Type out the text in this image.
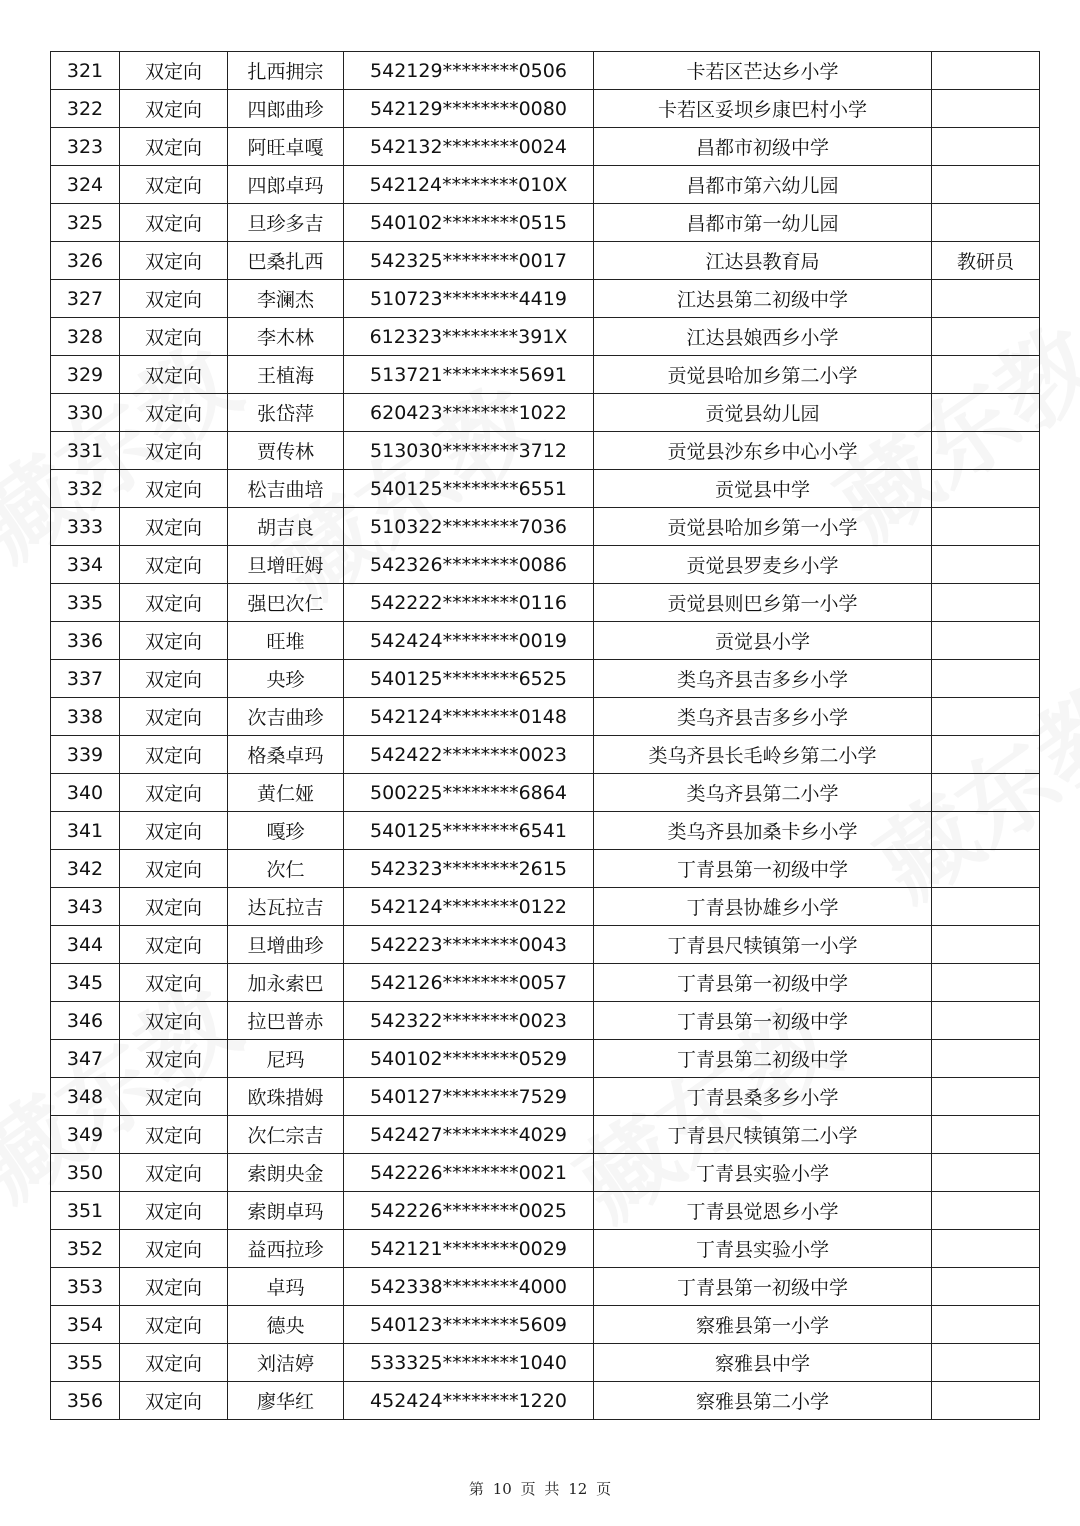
321	双定向	扎西拥宗	542129********0506	卡若区芒达乡小学	
322	双定向	四郎曲珍	542129********0080	卡若区妥坝乡康巴村小学	
323	双定向	阿旺卓嘎	542132********0024	昌都市初级中学	
324	双定向	四郎卓玛	542124********010X	昌都市第六幼儿园	
325	双定向	旦珍多吉	540102********0515	昌都市第一幼儿园	
326	双定向	巴桑扎西	542325********0017	江达县教育局	教研员
327	双定向	李澜杰	510723********4419	江达县第二初级中学	
328	双定向	李木林	612323********391X	江达县娘西乡小学	
329	双定向	王植海	513721********5691	贡觉县哈加乡第二小学	
330	双定向	张岱萍	620423********1022	贡觉县幼儿园	
331	双定向	贾传林	513030********3712	贡觉县沙东乡中心小学	
332	双定向	松吉曲培	540125********6551	贡觉县中学	
333	双定向	胡吉良	510322********7036	贡觉县哈加乡第一小学	
334	双定向	旦增旺姆	542326********0086	贡觉县罗麦乡小学	
335	双定向	强巴次仁	542222********0116	贡觉县则巴乡第一小学	
336	双定向	旺堆	542424********0019	贡觉县小学	
337	双定向	央珍	540125********6525	类乌齐县吉多乡小学	
338	双定向	次吉曲珍	542124********0148	类乌齐县吉多乡小学	
339	双定向	格桑卓玛	542422********0023	类乌齐县长毛岭乡第二小学	
340	双定向	黄仁娅	500225********6864	类乌齐县第二小学	
341	双定向	嘎珍	540125********6541	类乌齐县加桑卡乡小学	
342	双定向	次仁	542323********2615	丁青县第一初级中学	
343	双定向	达瓦拉吉	542124********0122	丁青县协雄乡小学	
344	双定向	旦增曲珍	542223********0043	丁青县尺犊镇第一小学	
345	双定向	加永索巴	542126********0057	丁青县第一初级中学	
346	双定向	拉巴普赤	542322********0023	丁青县第一初级中学	
347	双定向	尼玛	540102********0529	丁青县第二初级中学	
348	双定向	欧珠措姆	540127********7529	丁青县桑多乡小学	
349	双定向	次仁宗吉	542427********4029	丁青县尺犊镇第二小学	
350	双定向	索朗央金	542226********0021	丁青县实验小学	
351	双定向	索朗卓玛	542226********0025	丁青县觉恩乡小学	
352	双定向	益西拉珍	542121********0029	丁青县实验小学	
353	双定向	卓玛	542338********4000	丁青县第一初级中学	
354	双定向	德央	540123********5609	察雅县第一小学	
355	双定向	刘洁婷	533325********1040	察雅县中学	
356	双定向	廖华红	452424********1220	察雅县第二小学	
第 10 页 共 12 页
